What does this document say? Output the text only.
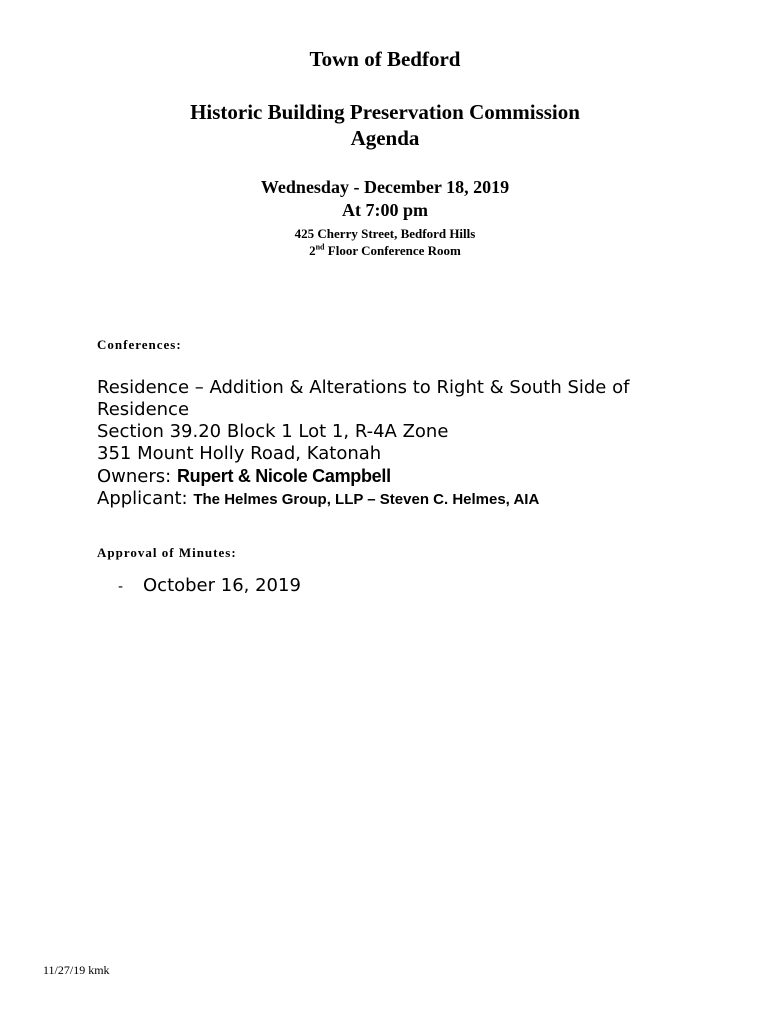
Town of Bedford
Historic Building Preservation Commission
Agenda
Wednesday - December 18, 2019
At 7:00 pm
425 Cherry Street, Bedford Hills
2nd Floor Conference Room
Conferences:
Residence – Addition & Alterations to Right & South Side of
Residence
Section 39.20 Block 1 Lot 1, R-4A Zone
351 Mount Holly Road, Katonah
Owners: Rupert & Nicole Campbell
Applicant: The Helmes Group, LLP – Steven C. Helmes, AIA
Approval of Minutes:
- October 16, 2019
11/27/19 kmk
